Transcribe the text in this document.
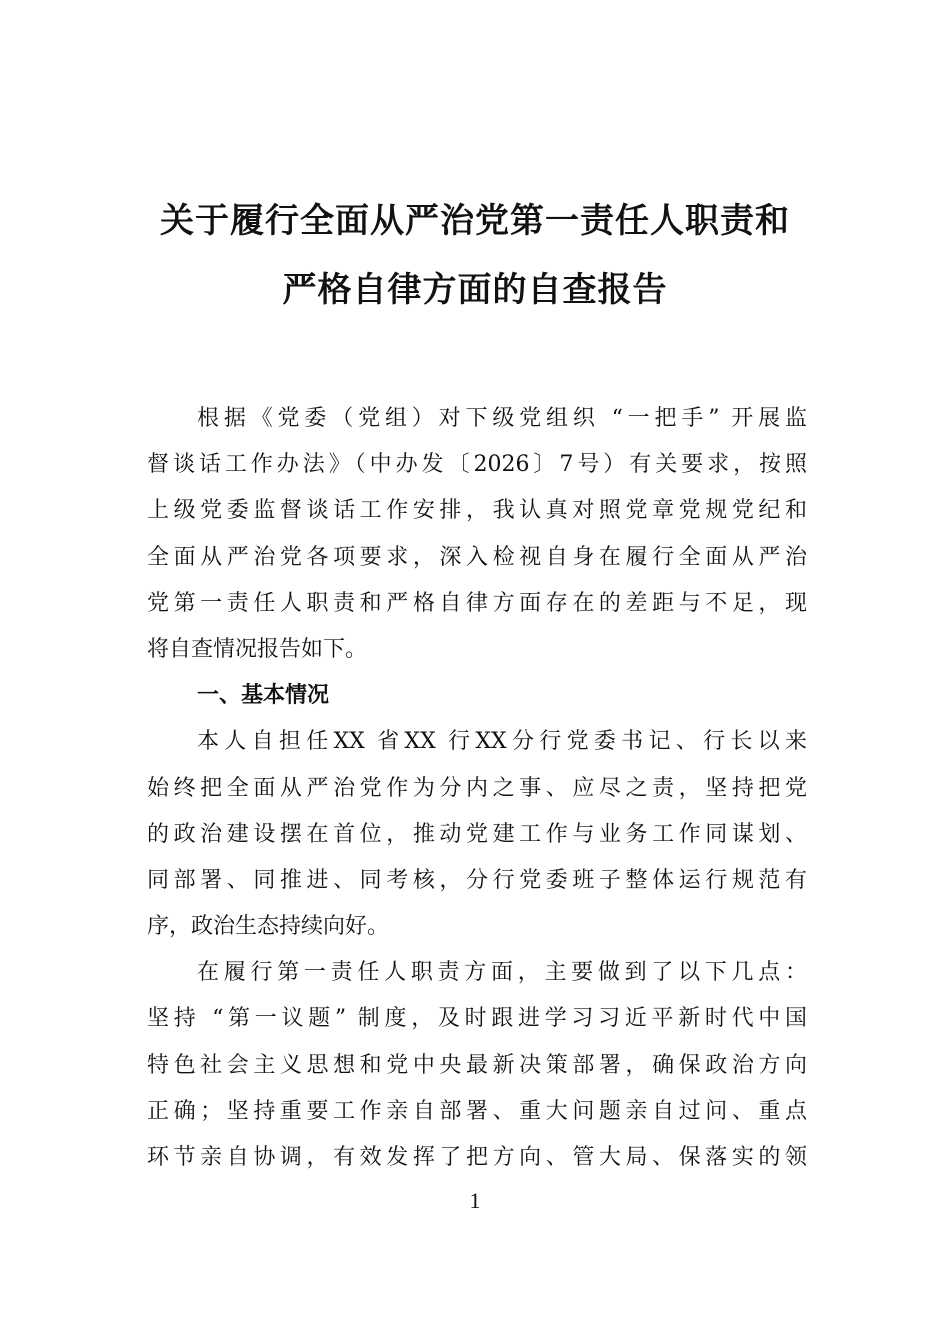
关于履行全面从严治党第一责任人职责和
严格自律方面的自查报告
根据《党委（党组）对下级党组织 “一把手” 开展监
督谈话工作办法》（中办发〔2026〕7号）有关要求，按照
上级党委监督谈话工作安排，我认真对照党章党规党纪和
全面从严治党各项要求，深入检视自身在履行全面从严治
党第一责任人职责和严格自律方面存在的差距与不足，现
将自查情况报告如下。
一、基本情况
本人自担任XX 省XX 行XX分行党委书记、行长以来
始终把全面从严治党作为分内之事、应尽之责，坚持把党
的政治建设摆在首位，推动党建工作与业务工作同谋划、
同部署、同推进、同考核，分行党委班子整体运行规范有
序，政治生态持续向好。
在履行第一责任人职责方面，主要做到了以下几点：
坚持 “第一议题” 制度，及时跟进学习习近平新时代中国
特色社会主义思想和党中央最新决策部署，确保政治方向
正确；坚持重要工作亲自部署、重大问题亲自过问、重点
环节亲自协调，有效发挥了把方向、管大局、保落实的领
1
